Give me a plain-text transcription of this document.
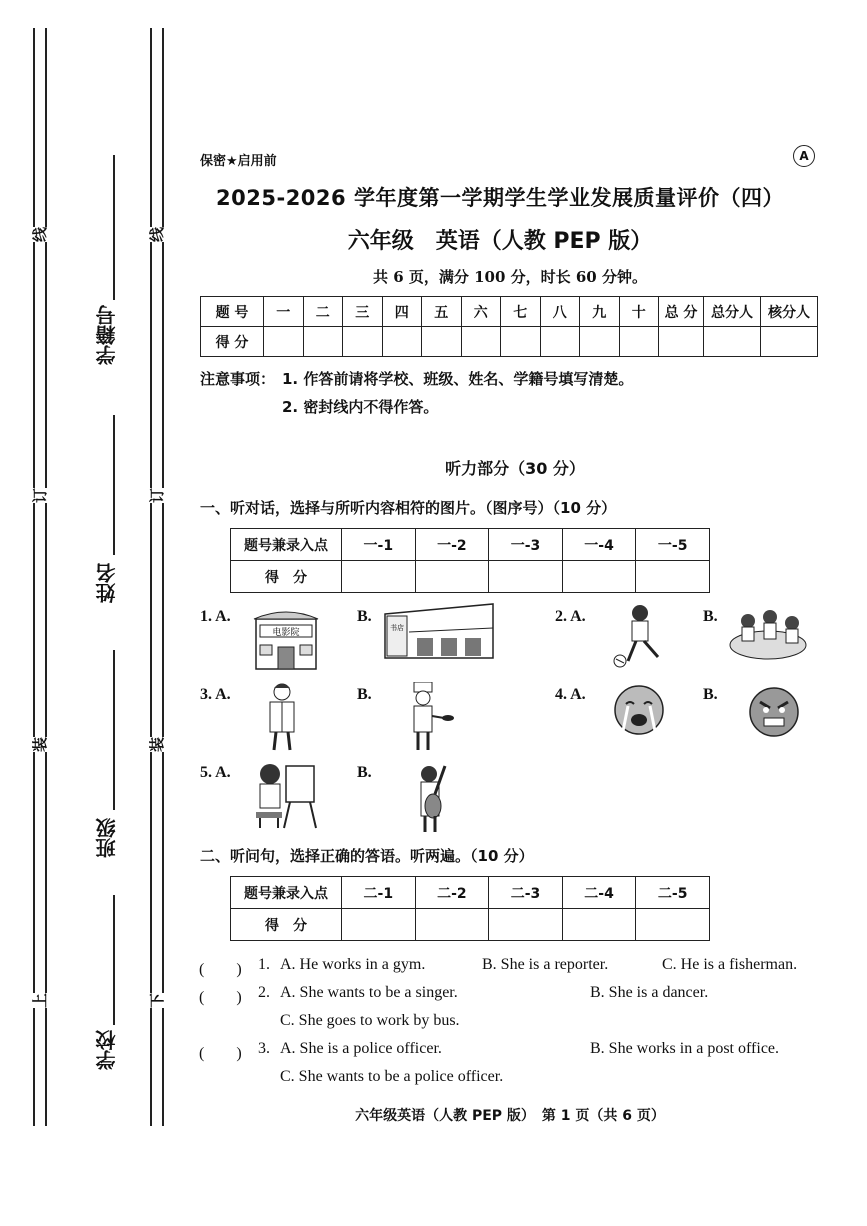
线
订
装
上
线
订
装
下
学籍号
姓名
班级
学校
保密★启用前	A
2025-2026 学年度第一学期学生学业发展质量评价（四）
六年级　英语（人教 PEP 版）
共 6 页，满分 100 分，时长 60 分钟。
题 号	一	二	三	四	五	六	七	八	九	十	总 分	总分人	核分人
得 分													
注意事项： 1. 作答前请将学校、班级、姓名、学籍号填写清楚。
2. 密封线内不得作答。
听力部分（30 分）
一、听对话，选择与所听内容相符的图片。（图序号）（10 分）
题号兼录入点	一-1	一-2	一-3	一-4	一-5
得　分					
1. A.
电影院
B.
书店
2. A.	B.
3. A.	B.	4. A.	B.
5. A.	B.
二、听问句，选择正确的答语。听两遍。（10 分）
题号兼录入点	二-1	二-2	二-3	二-4	二-5
得　分					
(　　) 1. A. He works in a gym.	B. She is a reporter.	C. He is a fisherman.
(　　) 2. A. She wants to be a singer.	B. She is a dancer.
C. She goes to work by bus.
(　　) 3. A. She is a police officer.	B. She works in a post office.
C. She wants to be a police officer.
六年级英语（人教 PEP 版）　第 1 页（共 6 页）
